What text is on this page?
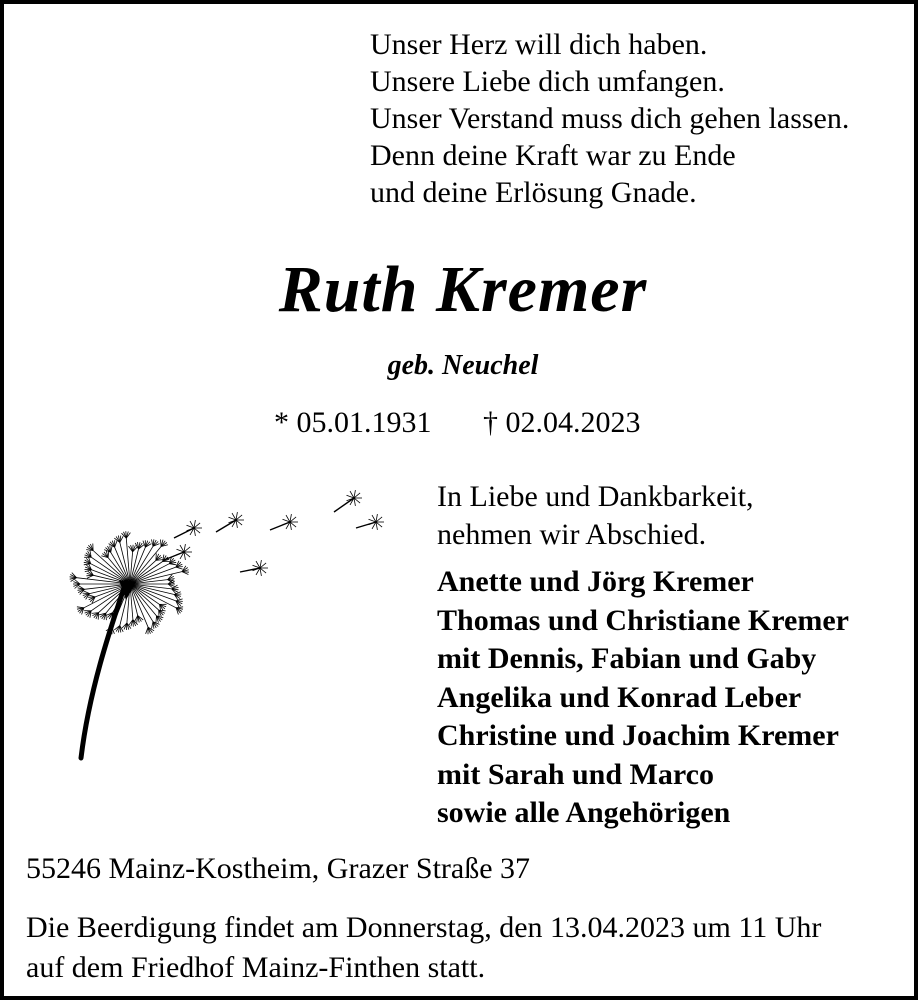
Unser Herz will dich haben.
Unsere Liebe dich umfangen.
Unser Verstand muss dich gehen lassen.
Denn deine Kraft war zu Ende
und deine Erlösung Gnade.
Ruth Kremer
geb. Neuchel
* 05.01.1931 † 02.04.2023
In Liebe und Dankbarkeit,
nehmen wir Abschied.
Anette und Jörg Kremer
Thomas und Christiane Kremer
mit Dennis, Fabian und Gaby
Angelika und Konrad Leber
Christine und Joachim Kremer
mit Sarah und Marco
sowie alle Angehörigen
55246 Mainz-Kostheim, Grazer Straße 37
Die Beerdigung findet am Donnerstag, den 13.04.2023 um 11 Uhr
auf dem Friedhof Mainz-Finthen statt.
